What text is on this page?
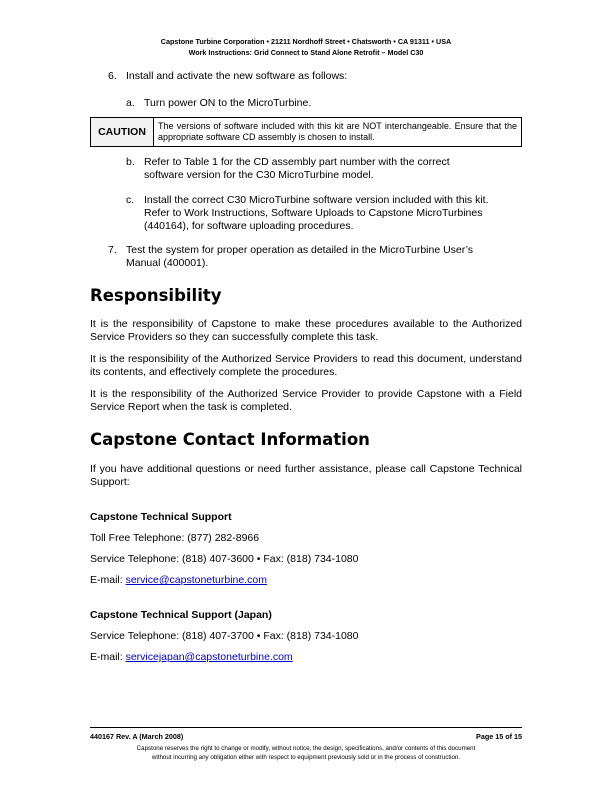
Capstone Turbine Corporation • 21211 Nordhoff Street • Chatsworth • CA 91311 • USA
Work Instructions: Grid Connect to Stand Alone Retrofit – Model C30
6. Install and activate the new software as follows:
a. Turn power ON to the MicroTurbine.
CAUTION	The versions of software included with this kit are NOT interchangeable. Ensure that the appropriate software CD assembly is chosen to install.
b. Refer to Table 1 for the CD assembly part number with the correct
software version for the C30 MicroTurbine model.
c. Install the correct C30 MicroTurbine software version included with this kit.
Refer to Work Instructions, Software Uploads to Capstone MicroTurbines
(440164), for software uploading procedures.
7. Test the system for proper operation as detailed in the MicroTurbine User’s
Manual (400001).
Responsibility
It is the responsibility of Capstone to make these procedures available to the Authorized Service Providers so they can successfully complete this task.
It is the responsibility of the Authorized Service Providers to read this document, understand its contents, and effectively complete the procedures.
It is the responsibility of the Authorized Service Provider to provide Capstone with a Field Service Report when the task is completed.
Capstone Contact Information
If you have additional questions or need further assistance, please call Capstone Technical Support:
Capstone Technical Support
Toll Free Telephone: (877) 282-8966
Service Telephone: (818) 407-3600 • Fax: (818) 734-1080
E-mail: service@capstoneturbine.com
Capstone Technical Support (Japan)
Service Telephone: (818) 407-3700 • Fax: (818) 734-1080
E-mail: servicejapan@capstoneturbine.com
440167 Rev. A (March 2008)	Page 15 of 15
Capstone reserves the right to change or modify, without notice, the design, specifications, and/or contents of this document
without incurring any obligation either with respect to equipment previously sold or in the process of construction.
